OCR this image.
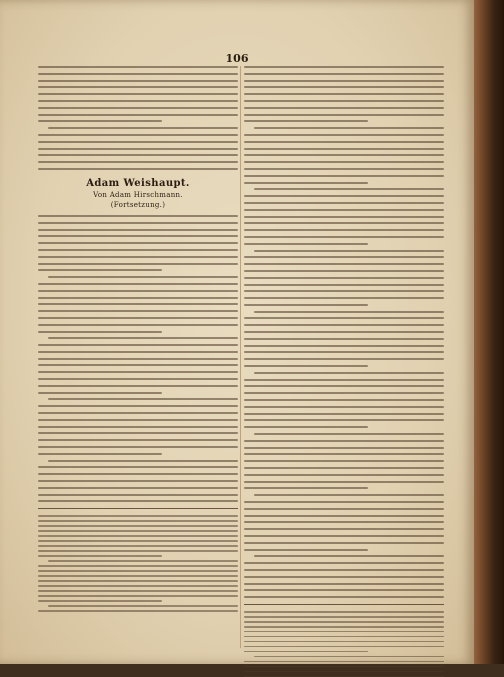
106
Adam Weishaupt.
Von Adam Hirschmann.
(Fortsetzung.)
